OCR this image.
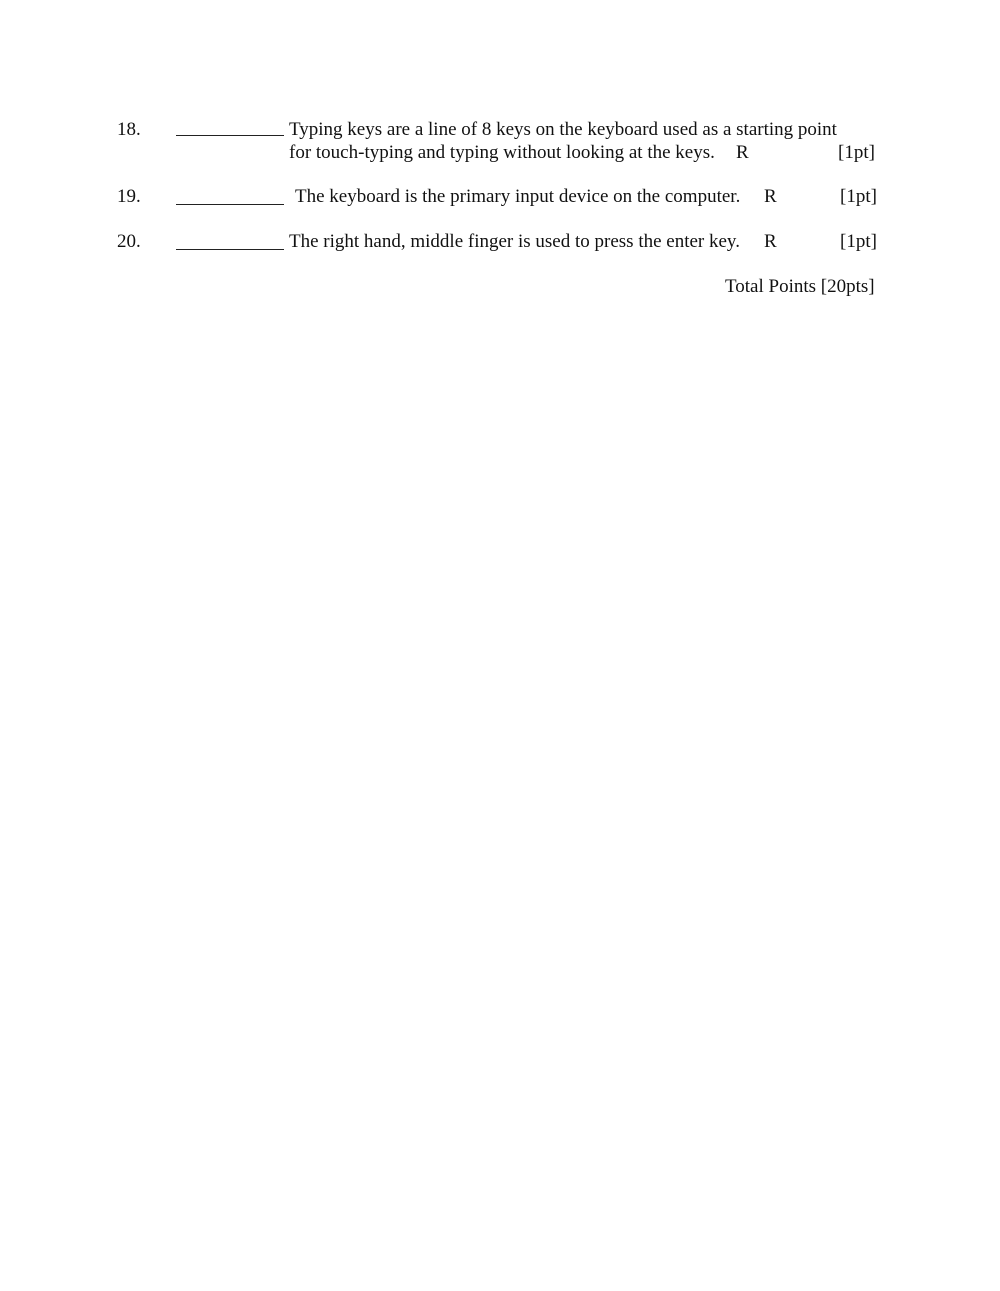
18.	Typing keys are a line of 8 keys on the keyboard used as a starting point
for touch-typing and typing without looking at the keys. R	[1pt]
19.	The keyboard is the primary input device on the computer. R	[1pt]
20.	The right hand, middle finger is used to press the enter key. R	[1pt]
Total Points [20pts]
